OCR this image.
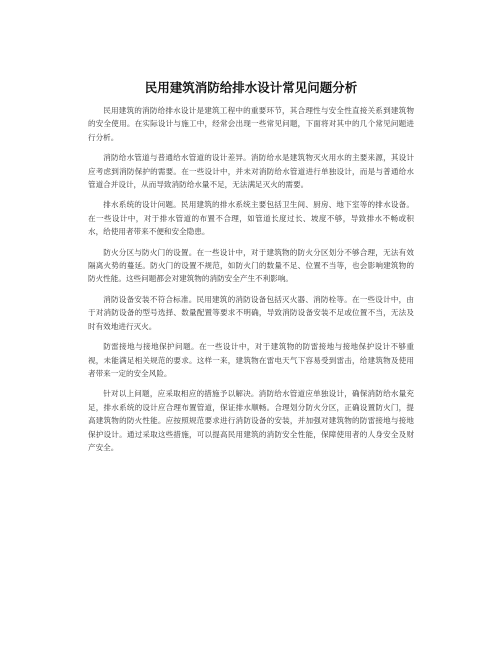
民用建筑消防给排水设计常见问题分析

民用建筑的消防给排水设计是建筑工程中的重要环节，其合理性与安全性直接关系到建筑物的安全使用。在实际设计与施工中，经常会出现一些常见问题，下面将对其中的几个常见问题进行分析。

消防给水管道与普通给水管道的设计差异。消防给水是建筑物灭火用水的主要来源，其设计应考虑到消防保护的需要。在一些设计中，并未对消防给水管道进行单独设计，而是与普通给水管道合并设计，从而导致消防给水量不足，无法满足灭火的需要。

排水系统的设计问题。民用建筑的排水系统主要包括卫生间、厨房、地下室等的排水设备。在一些设计中，对于排水管道的布置不合理，如管道长度过长、坡度不够，导致排水不畅或积水，给使用者带来不便和安全隐患。

防火分区与防火门的设置。在一些设计中，对于建筑物的防火分区划分不够合理，无法有效隔离火势的蔓延。防火门的设置不规范，如防火门的数量不足、位置不当等，也会影响建筑物的防火性能。这些问题都会对建筑物的消防安全产生不利影响。

消防设备安装不符合标准。民用建筑的消防设备包括灭火器、消防栓等。在一些设计中，由于对消防设备的型号选择、数量配置等要求不明确，导致消防设备安装不足或位置不当，无法及时有效地进行灭火。

防雷接地与接地保护问题。在一些设计中，对于建筑物的防雷接地与接地保护设计不够重视，未能满足相关规范的要求。这样一来，建筑物在雷电天气下容易受到雷击，给建筑物及使用者带来一定的安全风险。

针对以上问题，应采取相应的措施予以解决。消防给水管道应单独设计，确保消防给水量充足，排水系统的设计应合理布置管道，保证排水顺畅。合理划分防火分区，正确设置防火门，提高建筑物的防火性能。应按照规范要求进行消防设备的安装，并加强对建筑物的防雷接地与接地保护设计。通过采取这些措施，可以提高民用建筑的消防安全性能，保障使用者的人身安全及财产安全。
